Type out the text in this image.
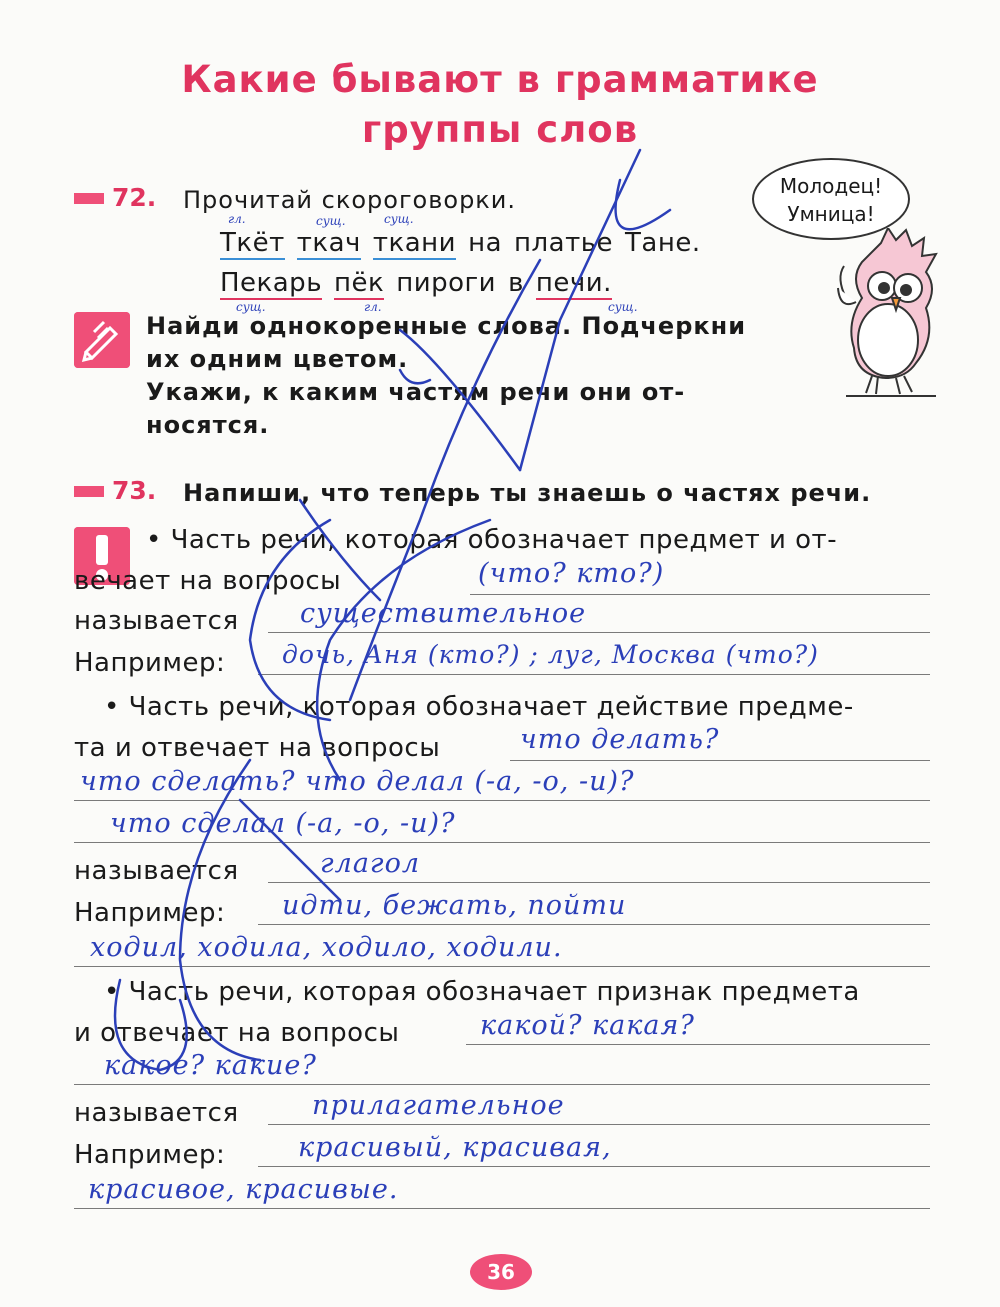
Какие бывают в грамматике
группы слов
72. Прочитай скороговорки.
Ткёт ткач ткани на платье Тане.
гл.	сущ.	сущ.
Пекарь пёк пироги в печи.
сущ.	гл.	сущ.
Найди однокоренные слова. Подчеркни
их одним цветом.
Укажи, к каким частям речи они от-
носятся.
Молодец!
Умница!
73. Напиши, что теперь ты знаешь о частях речи.
• Часть речи, которая обозначает предмет и от-
вечает на вопросы	(что? кто?)
называется существительное
Например: дочь, Аня (кто?) ; луг, Москва (что?)
• Часть речи, которая обозначает действие предме-
та и отвечает на вопросы	что делать?
что сделать? что делал (-а, -о, -и)?
что сделал (-а, -о, -и)?
называется	глагол
Например: идти, бежать, пойти
ходил, ходила, ходило, ходили.
• Часть речи, которая обозначает признак предмета
и отвечает на вопросы	какой? какая?
какое? какие?
называется	прилагательное
Например:	красивый, красивая,
красивое, красивые.
36
